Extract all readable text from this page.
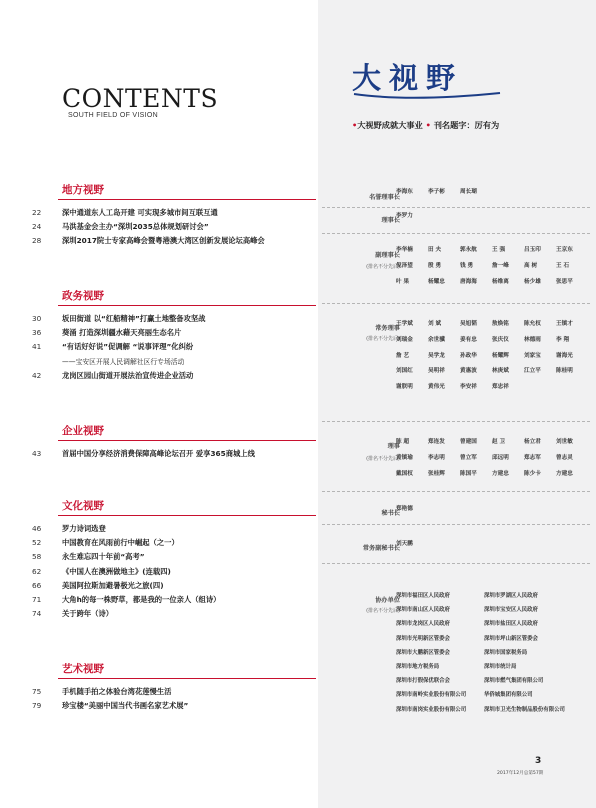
CONTENTS
SOUTH FIELD OF VISION
地方视野
22	深中通道东人工岛开建 可实现多城市间互联互通
24	马洪基金会主办“深圳2035总体规划研讨会”
28	深圳2017院士专家高峰会暨粤港澳大湾区创新发展论坛高峰会
政务视野
30	坂田街道 以“红船精神”打赢土地整备攻坚战
36	葵涌 打造深圳疆水藉天亮丽生态名片
41	“有话好好说”促调解 “说事评理”化纠纷
——宝安区开展人民调解社区行专场活动
42	龙岗区园山街道开展法治宣传进企业活动
企业视野
43	首届中国分享经济消费保障高峰论坛召开 爱享365商城上线
文化视野
46	罗力诗词选登
52	中国教育在风雨前行中崛起（之一）
58	永生难忘四十年前“高考”
62	《中国人在澳洲做地主》(连载四)
66	美国阿拉斯加避暑极光之旅(四)
71	大角h的每一株野草，都是我的一位亲人（组诗）
74	关于跨年（诗）
艺术视野
75	手机随手拍之体验台湾花莲慢生活
79	珍宝楼“美丽中国当代书画名家艺术展”
大视野
•大视野成就大事业 • 刊名题字：厉有为
名誉理事长
李海东	李子彬	周长瑚
理事长
李罗力
副理事长
(排名不分先后)
李华楠	田 夫	郭永航	王 强	吕玉印	王京东
倪泽望	殷 勇	钱 勇	詹一峰	高 树	王 石
叶 果	杨耀忠	唐海海	杨维离	杨少雄	张思平
常务理事
(排名不分先后)
王学斌	刘 斌	吴旭韬	敖焕铭	陈允权	王镇才
刘瑞金	余世骥	姜有忠	张庆仪	林德雨	李 翔
詹 艺	吴学龙	孙政华	杨耀辉	刘家宝	谢海光
刘国红	吴明祥	黄惠波	林庚斌	江立平	陈桂明
谢朕明	黄伟光	李安祥	郑忠祥
理事
(排名不分先后)
陈 超	郑连发	曾建国	赵 卫	杨立君	刘世敏
黄镇瑜	李志明	曾立军	邱远明	郑志军	曾志灵
戴国权	张桂辉	陈国平	方建忠	陈少卡	方建忠
秘书长
郑艳德
常务副秘书长
刘天鹏
协办单位
(排名不分先后)
深圳市福田区人民政府	深圳市罗湖区人民政府
深圳市南山区人民政府	深圳市宝安区人民政府
深圳市龙岗区人民政府	深圳市盐田区人民政府
深圳市光明新区管委会	深圳市坪山新区管委会
深圳市大鹏新区管委会	深圳市国家税务局
深圳市地方税务局	深圳市统计局
深圳市打假保优联合会	深圳市燃气集团有限公司
深圳市南岭实业股份有限公司	华侨城集团有限公司
深圳市南岗实业股份有限公司	深圳市卫光生物制品股份有限公司
3
2017年12月总第57期
